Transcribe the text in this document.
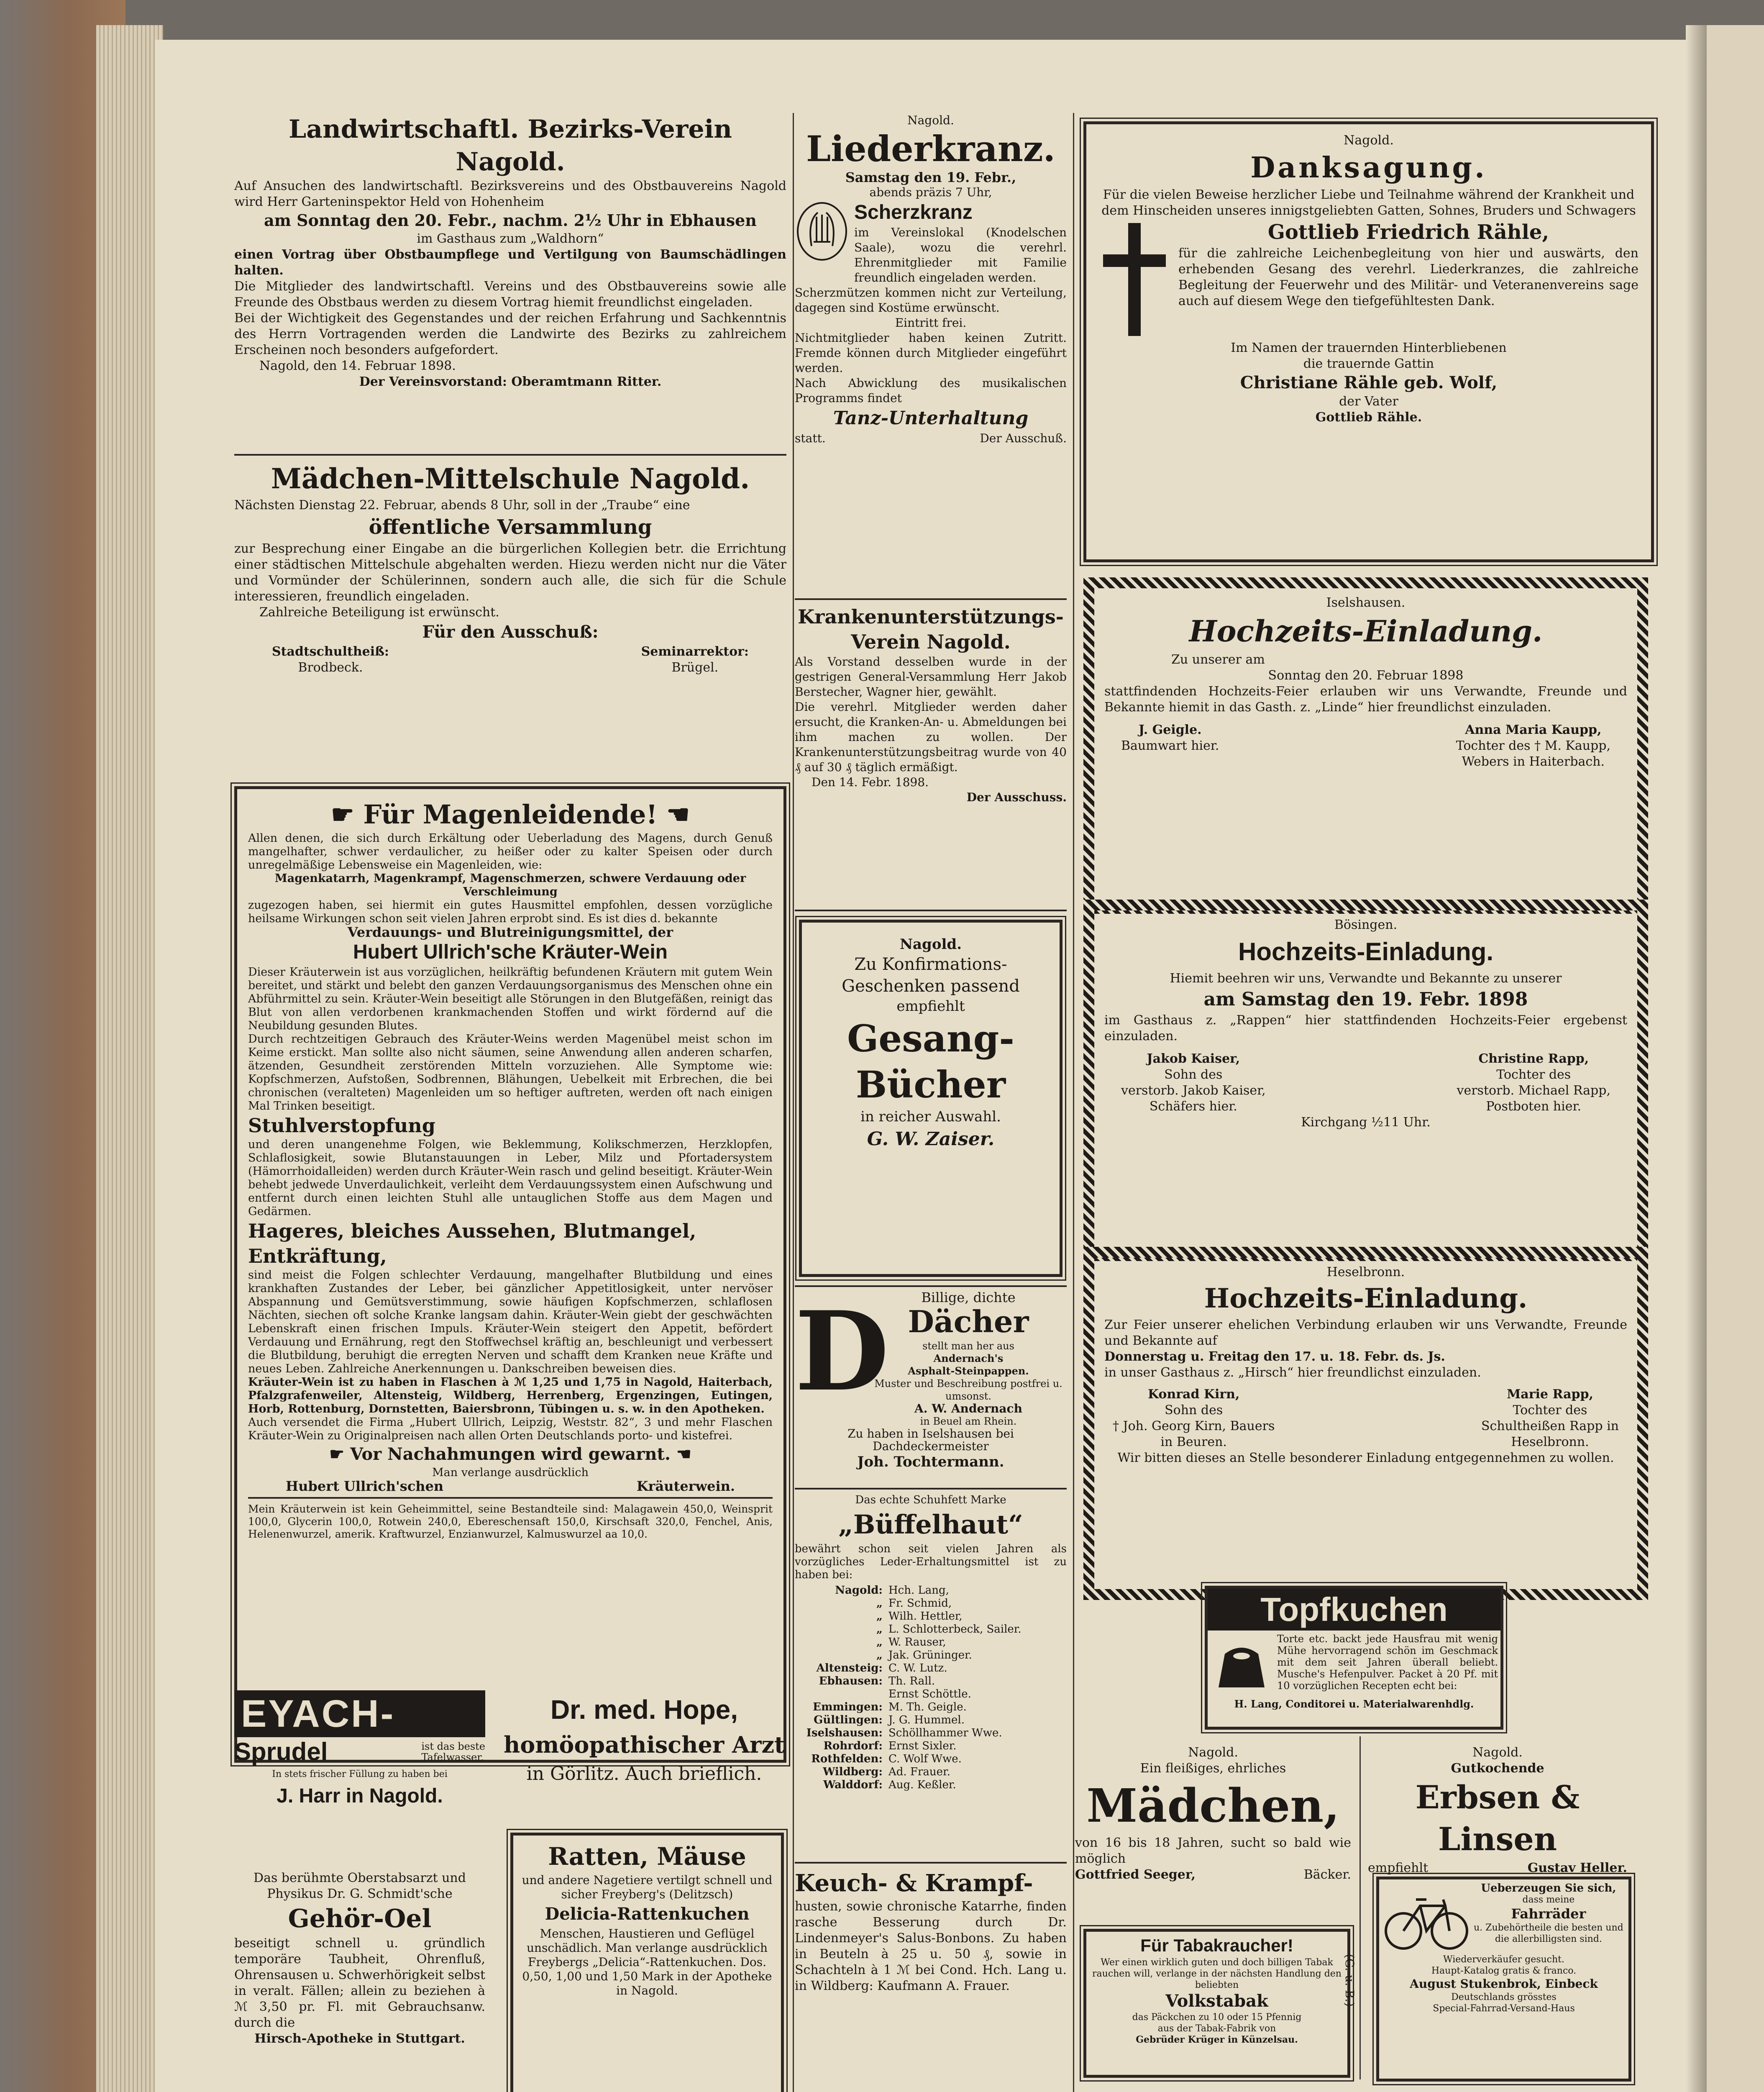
Landwirtschaftl. Bezirks-Verein Nagold.
Auf Ansuchen des landwirtschaftl. Bezirksvereins und des Obstbauvereins Nagold wird Herr Garteninspektor Held von Hohenheim
am Sonntag den 20. Febr., nachm. 2½ Uhr in Ebhausen
im Gasthaus zum „Waldhorn“
einen Vortrag über Obstbaumpflege und Vertilgung von Baumschädlingen halten.
Die Mitglieder des landwirtschaftl. Vereins und des Obstbauvereins sowie alle Freunde des Obstbaus werden zu diesem Vortrag hiemit freundlichst eingeladen.
Bei der Wichtigkeit des Gegenstandes und der reichen Erfahrung und Sachkenntnis des Herrn Vortragenden werden die Landwirte des Bezirks zu zahlreichem Erscheinen noch besonders aufgefordert.
Nagold, den 14. Februar 1898.
Der Vereinsvorstand: Oberamtmann Ritter.
Mädchen-Mittelschule Nagold.
Nächsten Dienstag 22. Februar, abends 8 Uhr, soll in der „Traube“ eine
öffentliche Versammlung
zur Besprechung einer Eingabe an die bürgerlichen Kollegien betr. die Errichtung einer städtischen Mittelschule abgehalten werden. Hiezu werden nicht nur die Väter und Vormünder der Schülerinnen, sondern auch alle, die sich für die Schule interessieren, freundlich eingeladen.
Zahlreiche Beteiligung ist erwünscht.
Für den Ausschuß:
Stadtschultheiß:
Brodbeck.
Seminarrektor:
Brügel.
☛ Für Magenleidende! ☚
Allen denen, die sich durch Erkältung oder Ueberladung des Magens, durch Genuß mangelhafter, schwer verdaulicher, zu heißer oder zu kalter Speisen oder durch unregelmäßige Lebensweise ein Magenleiden, wie:
Magenkatarrh, Magenkrampf, Magenschmerzen, schwere Verdauung oder Verschleimung
zugezogen haben, sei hiermit ein gutes Hausmittel empfohlen, dessen vorzügliche heilsame Wirkungen schon seit vielen Jahren erprobt sind. Es ist dies d. bekannte
Verdauungs- und Blutreinigungsmittel, der
Hubert Ullrich'sche Kräuter-Wein
Dieser Kräuterwein ist aus vorzüglichen, heilkräftig befundenen Kräutern mit gutem Wein bereitet, und stärkt und belebt den ganzen Verdauungsorganismus des Menschen ohne ein Abführmittel zu sein. Kräuter-Wein beseitigt alle Störungen in den Blutgefäßen, reinigt das Blut von allen verdorbenen krankmachenden Stoffen und wirkt fördernd auf die Neubildung gesunden Blutes.
Durch rechtzeitigen Gebrauch des Kräuter-Weins werden Magenübel meist schon im Keime erstickt. Man sollte also nicht säumen, seine Anwendung allen anderen scharfen, ätzenden, Gesundheit zerstörenden Mitteln vorzuziehen. Alle Symptome wie: Kopfschmerzen, Aufstoßen, Sodbrennen, Blähungen, Uebelkeit mit Erbrechen, die bei chronischen (veralteten) Magenleiden um so heftiger auftreten, werden oft nach einigen Mal Trinken beseitigt.
Stuhlverstopfung
und deren unangenehme Folgen, wie Beklemmung, Kolikschmerzen, Herzklopfen, Schlaflosigkeit, sowie Blutanstauungen in Leber, Milz und Pfortadersystem (Hämorrhoidalleiden) werden durch Kräuter-Wein rasch und gelind beseitigt. Kräuter-Wein behebt jedwede Unverdaulichkeit, verleiht dem Verdauungssystem einen Aufschwung und entfernt durch einen leichten Stuhl alle untauglichen Stoffe aus dem Magen und Gedärmen.
Hageres, bleiches Aussehen, Blutmangel, Entkräftung,
sind meist die Folgen schlechter Verdauung, mangelhafter Blutbildung und eines krankhaften Zustandes der Leber, bei gänzlicher Appetitlosigkeit, unter nervöser Abspannung und Gemütsverstimmung, sowie häufigen Kopfschmerzen, schlaflosen Nächten, siechen oft solche Kranke langsam dahin. Kräuter-Wein giebt der geschwächten Lebenskraft einen frischen Impuls. Kräuter-Wein steigert den Appetit, befördert Verdauung und Ernährung, regt den Stoffwechsel kräftig an, beschleunigt und verbessert die Blutbildung, beruhigt die erregten Nerven und schafft dem Kranken neue Kräfte und neues Leben. Zahlreiche Anerkennungen u. Dankschreiben beweisen dies.
Kräuter-Wein ist zu haben in Flaschen à ℳ 1,25 und 1,75 in Nagold, Haiterbach, Pfalzgrafenweiler, Altensteig, Wildberg, Herrenberg, Ergenzingen, Eutingen, Horb, Rottenburg, Dornstetten, Baiersbronn, Tübingen u. s. w. in den Apotheken.
Auch versendet die Firma „Hubert Ullrich, Leipzig, Weststr. 82“, 3 und mehr Flaschen Kräuter-Wein zu Originalpreisen nach allen Orten Deutschlands porto- und kistefrei.
☛ Vor Nachahmungen wird gewarnt. ☚
Man verlange ausdrücklich
Hubert Ullrich'schen	Kräuterwein.
Mein Kräuterwein ist kein Geheimmittel, seine Bestandteile sind: Malagawein 450,0, Weinsprit 100,0, Glycerin 100,0, Rotwein 240,0, Ebereschensaft 150,0, Kirschsaft 320,0, Fenchel, Anis, Helenenwurzel, amerik. Kraftwurzel, Enzianwurzel, Kalmuswurzel aa 10,0.
EYACH-
Sprudel	ist das beste
Tafelwasser.
In stets frischer Füllung zu haben bei
J. Harr in Nagold.
Dr. med. Hope,
homöopathischer Arzt
in Görlitz. Auch brieflich.
Das berühmte Oberstabsarzt und
Physikus Dr. G. Schmidt'sche
Gehör-Oel
beseitigt schnell u. gründlich temporäre Taubheit, Ohrenfluß, Ohrensausen u. Schwerhörigkeit selbst in veralt. Fällen; allein zu beziehen à ℳ 3,50 pr. Fl. mit Gebrauchsanw. durch die
Hirsch-Apotheke in Stuttgart.
Ratten, Mäuse
und andere Nagetiere vertilgt schnell und sicher Freyberg's (Delitzsch)
Delicia-Rattenkuchen
Menschen, Haustieren und Geflügel unschädlich. Man verlange ausdrücklich Freybergs „Delicia“-Rattenkuchen. Dos. 0,50, 1,00 und 1,50 Mark in der Apotheke in Nagold.
Nagold.
Liederkranz.
Samstag den 19. Febr.,
abends präzis 7 Uhr,
Scherzkranz
im Vereinslokal (Knodelschen Saale), wozu die verehrl. Ehrenmitglieder mit Familie freundlich eingeladen werden.
Scherzmützen kommen nicht zur Verteilung, dagegen sind Kostüme erwünscht.
Eintritt frei.
Nichtmitglieder haben keinen Zutritt. Fremde können durch Mitglieder eingeführt werden.
Nach Abwicklung des musikalischen Programms findet
Tanz-Unterhaltung
statt.	Der Ausschuß.
Krankenunterstützungs-
Verein Nagold.
Als Vorstand desselben wurde in der gestrigen General-Versammlung Herr Jakob Berstecher, Wagner hier, gewählt.
Die verehrl. Mitglieder werden daher ersucht, die Kranken-An- u. Abmeldungen bei ihm machen zu wollen. Der Krankenunterstützungsbeitrag wurde von 40 ₰ auf 30 ₰ täglich ermäßigt.
Den 14. Febr. 1898.
Der Ausschuss.
Nagold.
Zu Konfirmations-
Geschenken passend
empfiehlt
Gesang-
Bücher
in reicher Auswahl.
G. W. Zaiser.
D	Billige, dichte
Dächer
stellt man her aus
Andernach's
Asphalt-Steinpappen.
Muster und Beschreibung postfrei u. umsonst.
A. W. Andernach
in Beuel am Rhein.
Zu haben in Iselshausen bei
Dachdeckermeister
Joh. Tochtermann.
Das echte Schuhfett Marke
„Büffelhaut“
bewährt schon seit vielen Jahren als vorzügliches Leder-Erhaltungsmittel ist zu haben bei:
Nagold: Hch. Lang,
„ Fr. Schmid,
„ Wilh. Hettler,
„ L. Schlotterbeck, Sailer.
„ W. Rauser,
„ Jak. Grüninger.
Altensteig: C. W. Lutz.
Ebhausen: Th. Rall.
Ernst Schöttle.
Emmingen: M. Th. Geigle.
Gültlingen: J. G. Hummel.
Iselshausen: Schöllhammer Wwe.
Rohrdorf: Ernst Sixler.
Rothfelden: C. Wolf Wwe.
Wildberg: Ad. Frauer.
Walddorf: Aug. Keßler.
Keuch- & Krampf-
husten, sowie chronische Katarrhe, finden rasche Besserung durch Dr. Lindenmeyer's Salus-Bonbons. Zu haben in Beuteln à 25 u. 50 ₰, sowie in Schachteln à 1 ℳ bei Cond. Hch. Lang u. in Wildberg: Kaufmann A. Frauer.
Nagold.
Danksagung.
Für die vielen Beweise herzlicher Liebe und Teilnahme während der Krankheit und dem Hinscheiden unseres innigstgeliebten Gatten, Sohnes, Bruders und Schwagers
Gottlieb Friedrich Rähle,
für die zahlreiche Leichenbegleitung von hier und auswärts, den erhebenden Gesang des verehrl. Liederkranzes, die zahlreiche Begleitung der Feuerwehr und des Militär- und Veteranenvereins sage auch auf diesem Wege den tiefgefühltesten Dank.
Im Namen der trauernden Hinterbliebenen
die trauernde Gattin
Christiane Rähle geb. Wolf,
der Vater
Gottlieb Rähle.
Iselshausen.
Hochzeits-Einladung.
Zu unserer am
Sonntag den 20. Februar 1898
stattfindenden Hochzeits-Feier erlauben wir uns Verwandte, Freunde und Bekannte hiemit in das Gasth. z. „Linde“ hier freundlichst einzuladen.
J. Geigle.
Baumwart hier.
Anna Maria Kaupp,
Tochter des † M. Kaupp,
Webers in Haiterbach.
Bösingen.
Hochzeits-Einladung.
Hiemit beehren wir uns, Verwandte und Bekannte zu unserer
am Samstag den 19. Febr. 1898
im Gasthaus z. „Rappen“ hier stattfindenden Hochzeits-Feier ergebenst einzuladen.
Jakob Kaiser,
Sohn des
verstorb. Jakob Kaiser,
Schäfers hier.
Christine Rapp,
Tochter des
verstorb. Michael Rapp,
Postboten hier.
Kirchgang ½11 Uhr.
Heselbronn.
Hochzeits-Einladung.
Zur Feier unserer ehelichen Verbindung erlauben wir uns Verwandte, Freunde und Bekannte auf
Donnerstag u. Freitag den 17. u. 18. Febr. ds. Js.
in unser Gasthaus z. „Hirsch“ hier freundlichst einzuladen.
Konrad Kirn,
Sohn des
† Joh. Georg Kirn, Bauers
in Beuren.
Marie Rapp,
Tochter des
Schultheißen Rapp in
Heselbronn.
Wir bitten dieses an Stelle besonderer Einladung entgegennehmen zu wollen.
Topfkuchen
Torte etc. backt jede Hausfrau mit wenig Mühe hervorragend schön im Geschmack mit dem seit Jahren überall beliebt. Musche's Hefenpulver. Packet à 20 Pf. mit 10 vorzüglichen Recepten echt bei:
H. Lang, Conditorei u. Materialwarenhdlg.
Nagold.
Ein fleißiges, ehrliches
Mädchen,
von 16 bis 18 Jahren, sucht so bald wie möglich
Gottfried Seeger,	Bäcker.
Für Tabakraucher!
Wer einen wirklich guten und doch billigen Tabak rauchen will, verlange in der nächsten Handlung den beliebten
Volkstabak
das Päckchen zu 10 oder 15 Pfennig
aus der Tabak-Fabrik von
Gebrüder Krüger in Künzelsau.
(G. u. B.)
Nagold.
Gutkochende
Erbsen & Linsen
empfiehlt	Gustav Heller.
Ueberzeugen Sie sich,
dass meine
Fahrräder
u. Zubehörtheile die besten und
die allerbilligsten sind.
Wiederverkäufer gesucht.
Haupt-Katalog gratis & franco.
August Stukenbrok, Einbeck
Deutschlands grösstes
Special-Fahrrad-Versand-Haus
